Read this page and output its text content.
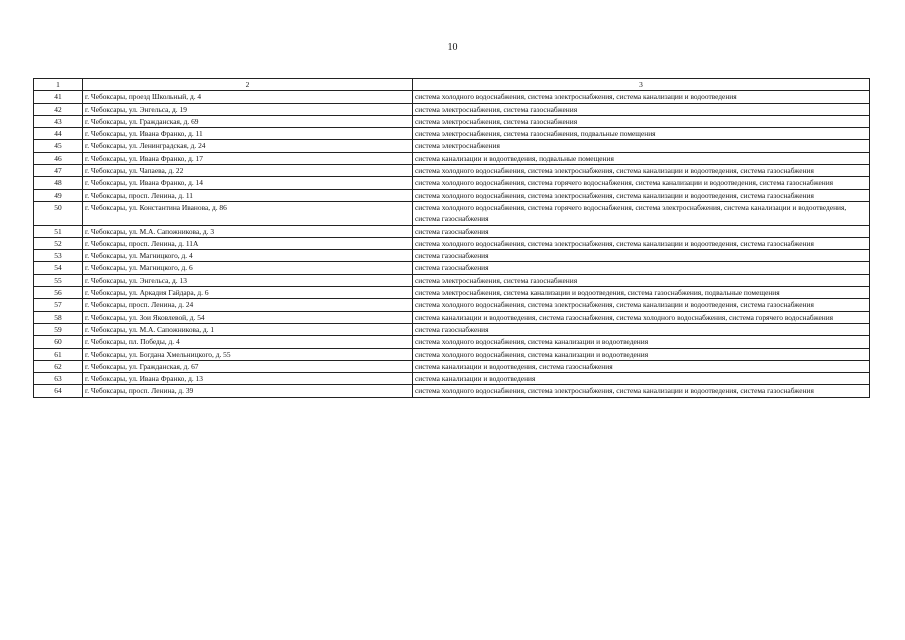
10
1	2	3
41	г. Чебоксары, проезд Школьный, д. 4	система холодного водоснабжения, система электроснабжения, система канализации и водоотведения
42	г. Чебоксары, ул. Энгельса, д. 19	система электроснабжения, система газоснабжения
43	г. Чебоксары, ул. Гражданская, д. 69	система электроснабжения, система газоснабжения
44	г. Чебоксары, ул. Ивана Франко, д. 11	система электроснабжения, система газоснабжения, подвальные помещения
45	г. Чебоксары, ул. Ленинградская, д. 24	система электроснабжения
46	г. Чебоксары, ул. Ивана Франко, д. 17	система канализации и водоотведения, подвальные помещения
47	г. Чебоксары, ул. Чапаева, д. 22	система холодного водоснабжения, система электроснабжения, система канализации и водоотведения, система газоснабжения
48	г. Чебоксары, ул. Ивана Франко, д. 14	система холодного водоснабжения, система горячего водоснабжения, система канализации и водоотведения, система газоснабжения
49	г. Чебоксары, просп. Ленина, д. 11	система холодного водоснабжения, система электроснабжения, система канализации и водоотведения, система газоснабжения
50	г. Чебоксары, ул. Константина Иванова, д. 86	система холодного водоснабжения, система горячего водоснабжения, система электроснабжения, система канализации и водоотведения, система газоснабжения
51	г. Чебоксары, ул. М.А. Сапожникова, д. 3	система газоснабжения
52	г. Чебоксары, просп. Ленина, д. 11А	система холодного водоснабжения, система электроснабжения, система канализации и водоотведения, система газоснабжения
53	г. Чебоксары, ул. Магницкого, д. 4	система газоснабжения
54	г. Чебоксары, ул. Магницкого, д. 6	система газоснабжения
55	г. Чебоксары, ул. Энгельса, д. 13	система электроснабжения, система газоснабжения
56	г. Чебоксары, ул. Аркадия Гайдара, д. 6	система электроснабжения, система канализации и водоотведения, система газоснабжения, подвальные помещения
57	г. Чебоксары, просп. Ленина, д. 24	система холодного водоснабжения, система электроснабжения, система канализации и водоотведения, система газоснабжения
58	г. Чебоксары, ул. Зои Яковлевой, д. 54	система канализации и водоотведения, система газоснабжения, система холодного водоснабжения, система горячего водоснабжения
59	г. Чебоксары, ул. М.А. Сапожникова, д. 1	система газоснабжения
60	г. Чебоксары, пл. Победы, д. 4	система холодного водоснабжения, система канализации и водоотведения
61	г. Чебоксары, ул. Богдана Хмельницкого, д. 55	система холодного водоснабжения, система канализации и водоотведения
62	г. Чебоксары, ул. Гражданская, д. 67	система канализации и водоотведения, система газоснабжения
63	г. Чебоксары, ул. Ивана Франко, д. 13	система канализации и водоотведения
64	г. Чебоксары, просп. Ленина, д. 39	система холодного водоснабжения, система электроснабжения, система канализации и водоотведения, система газоснабжения
